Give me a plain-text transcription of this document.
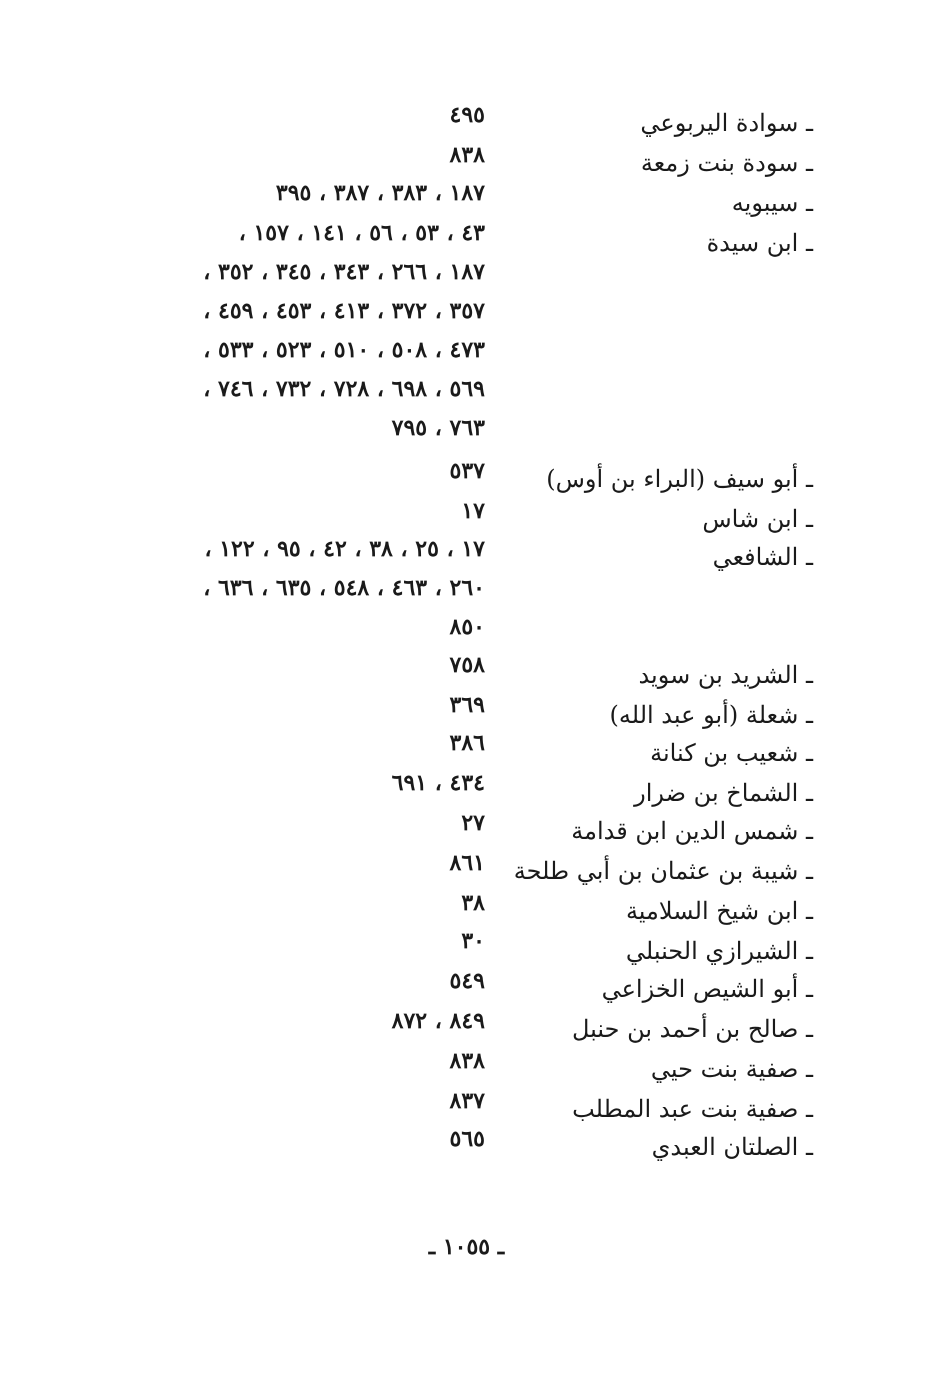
ـ سوادة اليربوعي
٤٩٥
ـ سودة بنت زمعة
٨٣٨
ـ سيبويه
١٨٧ ، ٣٨٣ ، ٣٨٧ ، ٣٩٥
ـ ابن سيدة
٤٣ ، ٥٣ ، ٥٦ ، ١٤١ ، ١٥٧ ،
١٨٧ ، ٢٦٦ ، ٣٤٣ ، ٣٤٥ ، ٣٥٢ ،
٣٥٧ ، ٣٧٢ ، ٤١٣ ، ٤٥٣ ، ٤٥٩ ،
٤٧٣ ، ٥٠٨ ، ٥١٠ ، ٥٢٣ ، ٥٣٣ ،
٥٦٩ ، ٦٩٨ ، ٧٢٨ ، ٧٣٢ ، ٧٤٦ ،
٧٦٣ ، ٧٩٥
ـ أبو سيف (البراء بن أوس)
٥٣٧
ـ ابن شاس
١٧
ـ الشافعي
١٧ ، ٢٥ ، ٣٨ ، ٤٢ ، ٩٥ ، ١٢٢ ،
٢٦٠ ، ٤٦٣ ، ٥٤٨ ، ٦٣٥ ، ٦٣٦ ،
٨٥٠
ـ الشريد بن سويد
٧٥٨
ـ شعلة (أبو عبد الله)
٣٦٩
ـ شعيب بن كنانة
٣٨٦
ـ الشماخ بن ضرار
٤٣٤ ، ٦٩١
ـ شمس الدين ابن قدامة
٢٧
ـ شيبة بن عثمان بن أبي طلحة
٨٦١
ـ ابن شيخ السلامية
٣٨
ـ الشيرازي الحنبلي
٣٠
ـ أبو الشيص الخزاعي
٥٤٩
ـ صالح بن أحمد بن حنبل
٨٤٩ ، ٨٧٢
ـ صفية بنت حيي
٨٣٨
ـ صفية بنت عبد المطلب
٨٣٧
ـ الصلتان العبدي
٥٦٥
ـ ١٠٥٥ ـ
